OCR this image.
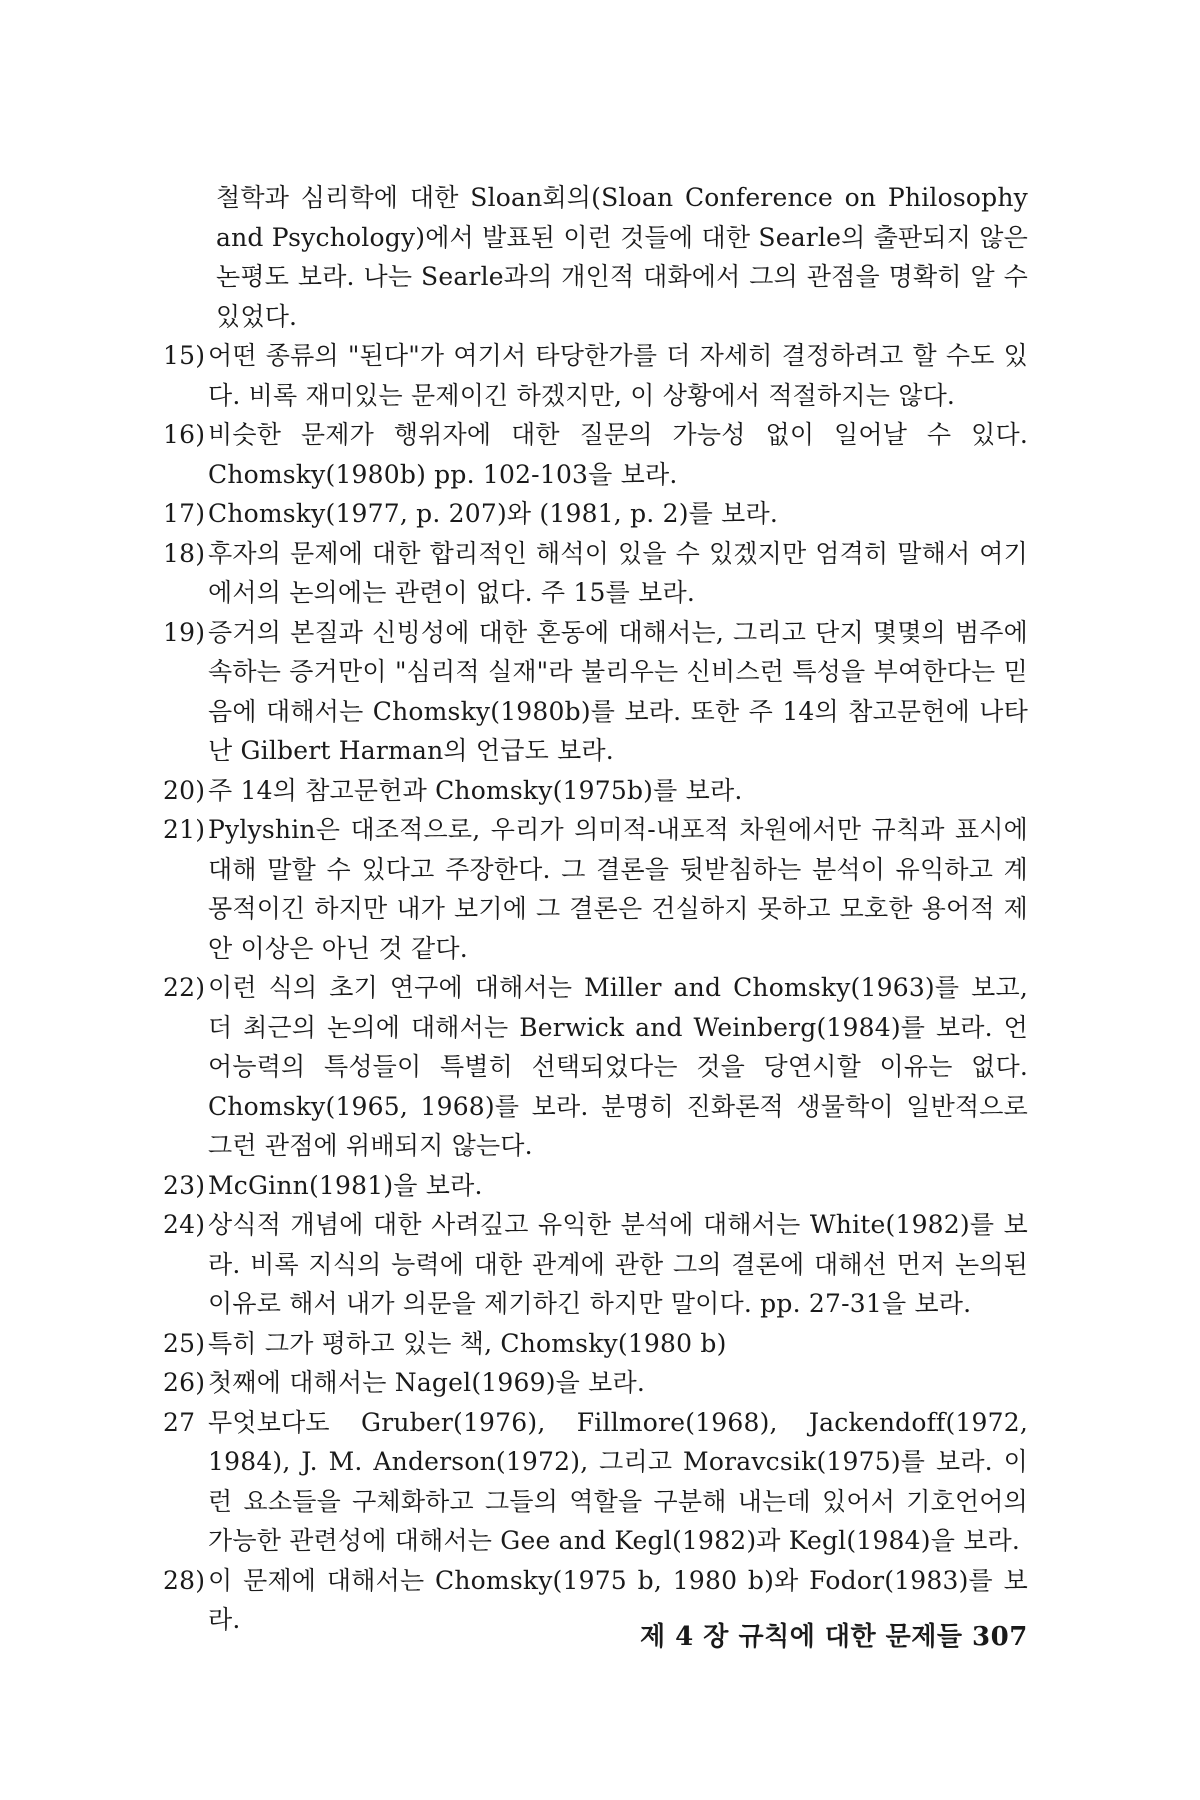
철학과 심리학에 대한 Sloan회의(Sloan Conference on Philosophy and Psychology)에서 발표된 이런 것들에 대한 Searle의 출판되지 않은 논평도 보라. 나는 Searle과의 개인적 대화에서 그의 관점을 명확히 알 수 있었다.
15) 어떤 종류의 "된다"가 여기서 타당한가를 더 자세히 결정하려고 할 수도 있다. 비록 재미있는 문제이긴 하겠지만, 이 상황에서 적절하지는 않다.
16) 비슷한 문제가 행위자에 대한 질문의 가능성 없이 일어날 수 있다. Chomsky(1980b) pp. 102-103을 보라.
17) Chomsky(1977, p. 207)와 (1981, p. 2)를 보라.
18) 후자의 문제에 대한 합리적인 해석이 있을 수 있겠지만 엄격히 말해서 여기에서의 논의에는 관련이 없다. 주 15를 보라.
19) 증거의 본질과 신빙성에 대한 혼동에 대해서는, 그리고 단지 몇몇의 범주에 속하는 증거만이 "심리적 실재"라 불리우는 신비스런 특성을 부여한다는 믿음에 대해서는 Chomsky(1980b)를 보라. 또한 주 14의 참고문헌에 나타난 Gilbert Harman의 언급도 보라.
20) 주 14의 참고문헌과 Chomsky(1975b)를 보라.
21) Pylyshin은 대조적으로, 우리가 의미적-내포적 차원에서만 규칙과 표시에 대해 말할 수 있다고 주장한다. 그 결론을 뒷받침하는 분석이 유익하고 계몽적이긴 하지만 내가 보기에 그 결론은 건실하지 못하고 모호한 용어적 제안 이상은 아닌 것 같다.
22) 이런 식의 초기 연구에 대해서는 Miller and Chomsky(1963)를 보고, 더 최근의 논의에 대해서는 Berwick and Weinberg(1984)를 보라. 언어능력의 특성들이 특별히 선택되었다는 것을 당연시할 이유는 없다. Chomsky(1965, 1968)를 보라. 분명히 진화론적 생물학이 일반적으로 그런 관점에 위배되지 않는다.
23) McGinn(1981)을 보라.
24) 상식적 개념에 대한 사려깊고 유익한 분석에 대해서는 White(1982)를 보라. 비록 지식의 능력에 대한 관계에 관한 그의 결론에 대해선 먼저 논의된 이유로 해서 내가 의문을 제기하긴 하지만 말이다. pp. 27-31을 보라.
25) 특히 그가 평하고 있는 책, Chomsky(1980 b)
26) 첫째에 대해서는 Nagel(1969)을 보라.
27 무엇보다도 Gruber(1976), Fillmore(1968), Jackendoff(1972, 1984), J. M. Anderson(1972), 그리고 Moravcsik(1975)를 보라. 이런 요소들을 구체화하고 그들의 역할을 구분해 내는데 있어서 기호언어의 가능한 관련성에 대해서는 Gee and Kegl(1982)과 Kegl(1984)을 보라.
28) 이 문제에 대해서는 Chomsky(1975 b, 1980 b)와 Fodor(1983)를 보라.
제 4 장 규칙에 대한 문제들 307
